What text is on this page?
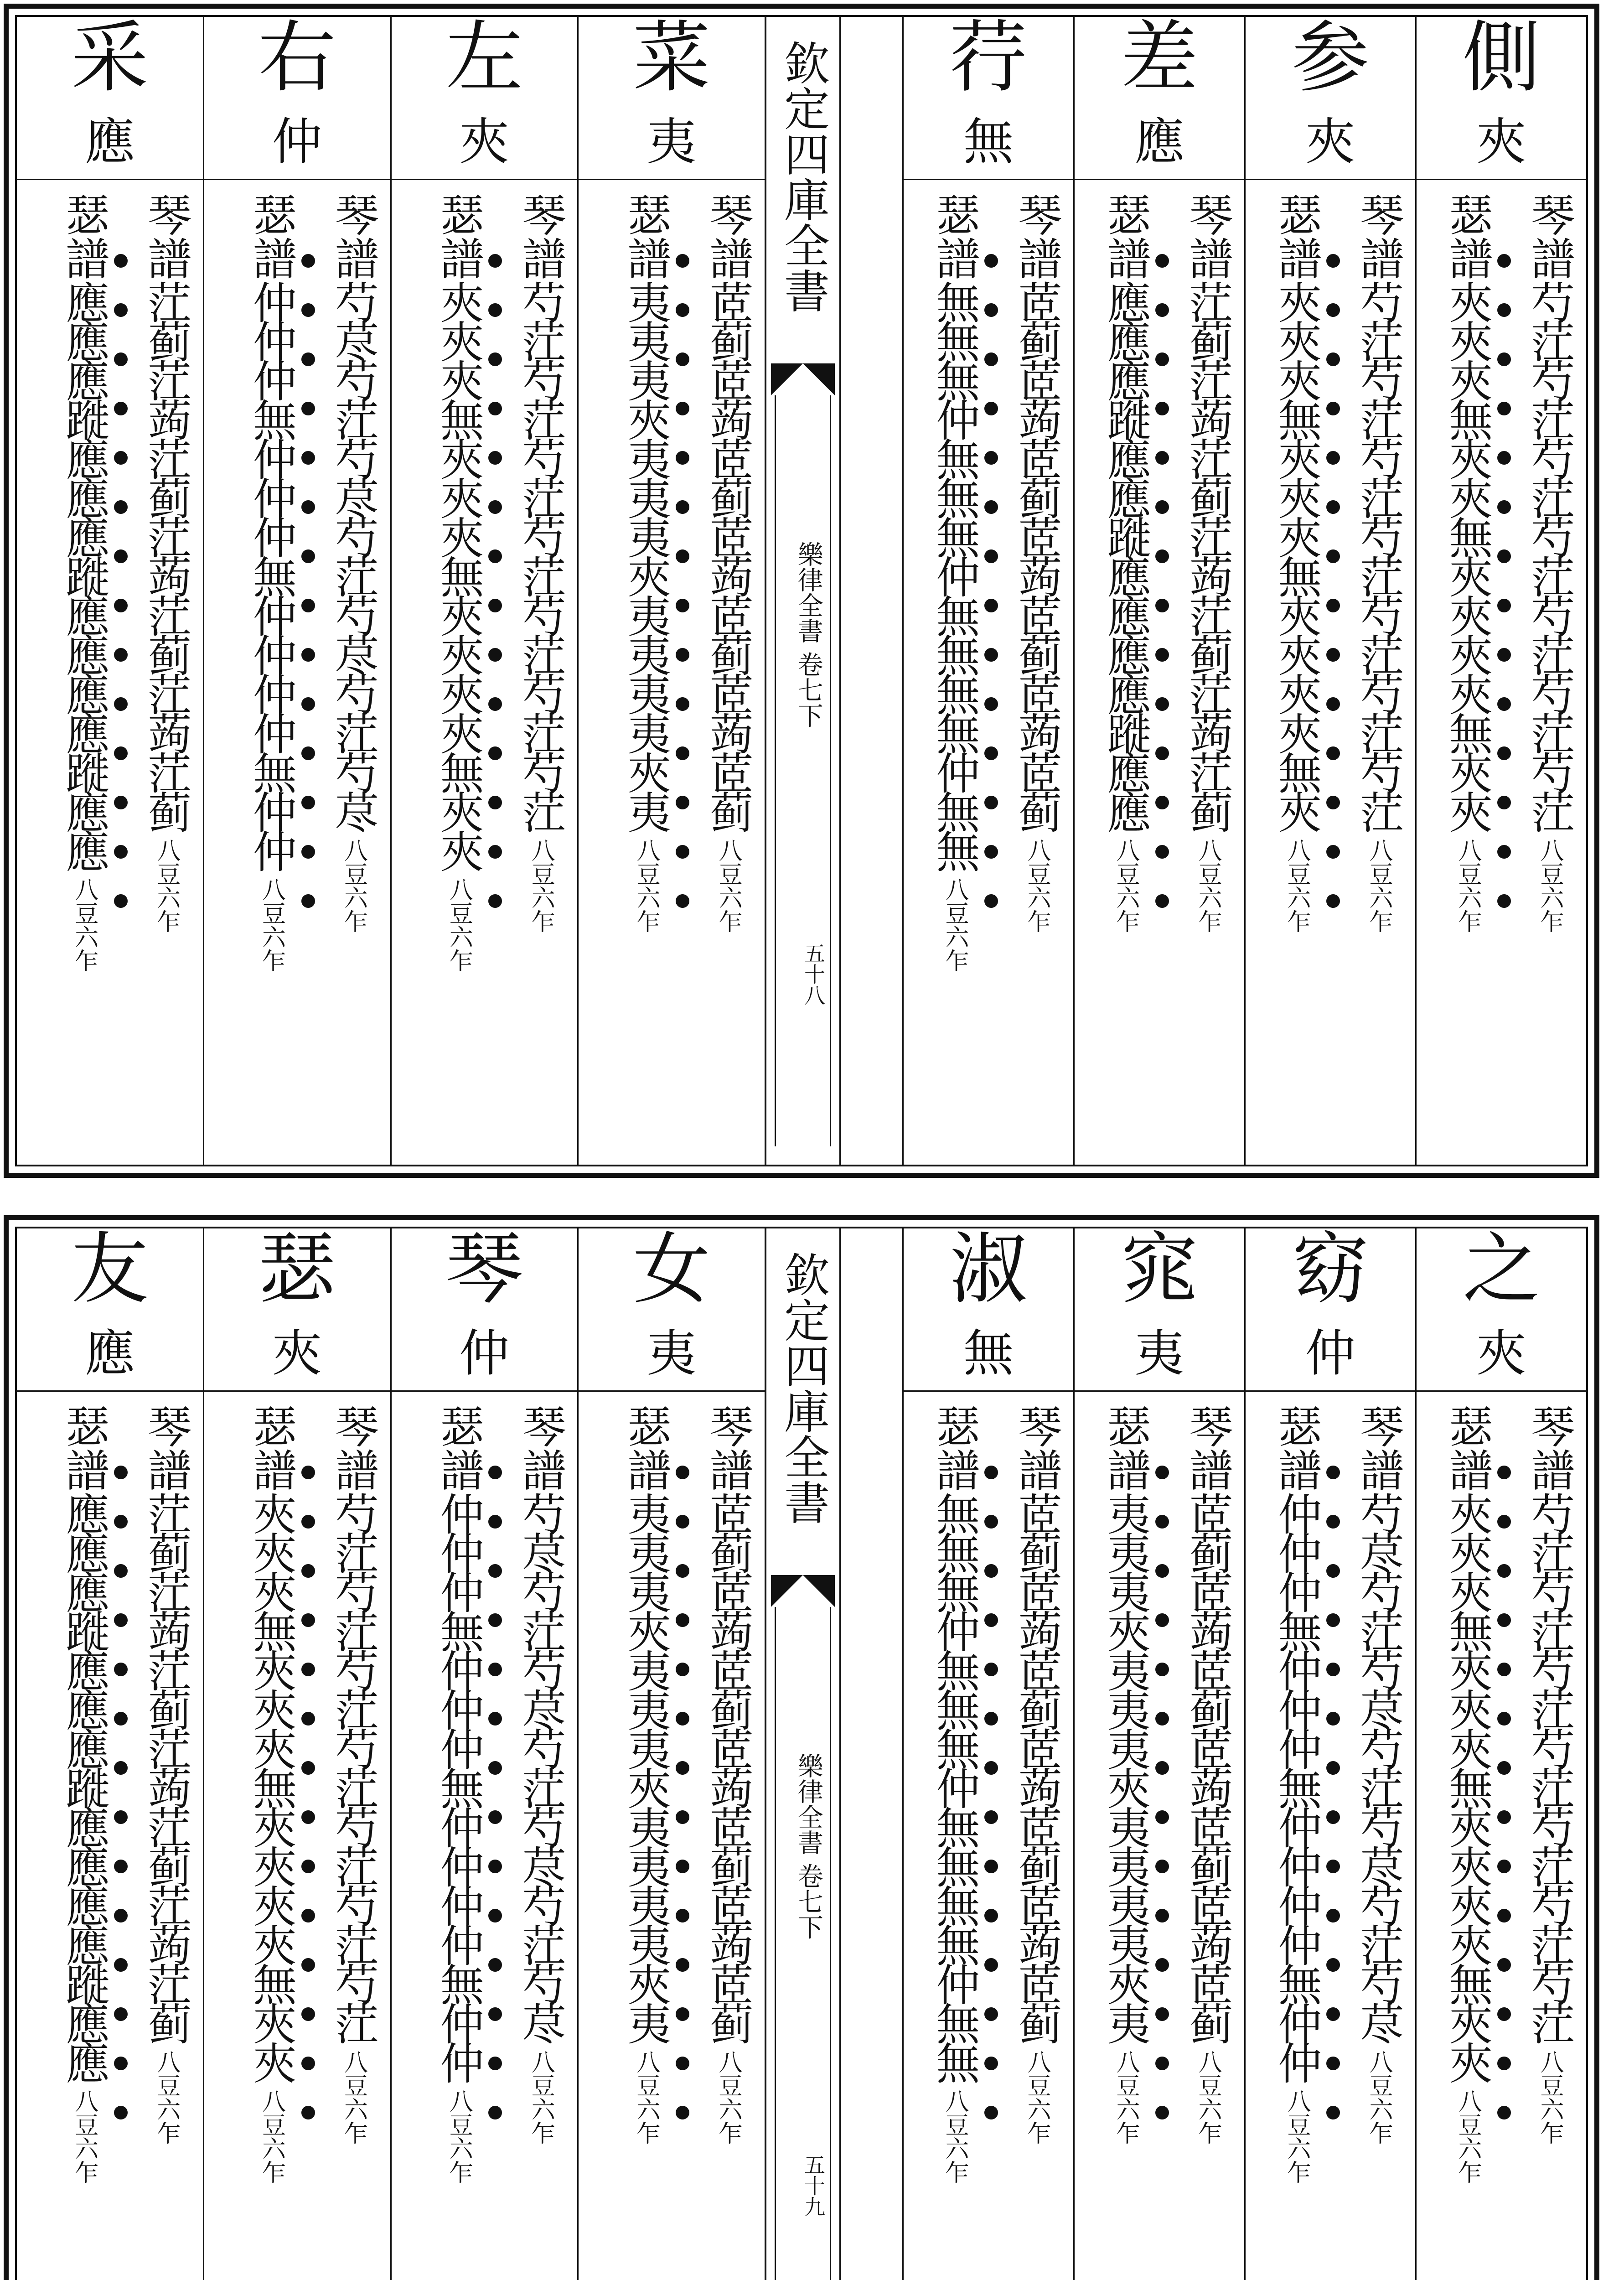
側
夾
琴譜芍茳芍茳芍茳芍茳芍茳芍茳芍茳八豆六乍
瑟譜夾夾夾無夾夾無夾夾夾夾無夾夾八豆六乍
参
夾
琴譜芍茳芍茳芍茳芍茳芍茳芍茳芍茳八豆六乍
瑟譜夾夾夾無夾夾夾無夾夾夾夾無夾八豆六乍
差
應
琴譜茳蓟茳蒟茳蓟茳蒟茳蓟茳蒟茳蓟八豆六乍
瑟譜應應應蹝應應蹝應應應應蹝應應八豆六乍
荇
無
琴譜茝蓟茝蒟茝蓟茝蒟茝蓟茝蒟茝蓟八豆六乍
瑟譜無無無仲無無無仲無無無無仲無無八豆六乍
欽定四庫全書
樂律全書 卷七下
五十八
菜
夷
琴譜茝蓟茝蒟茝蓟茝蒟茝蓟茝蒟茝蓟八豆六乍
瑟譜夷夷夷夾夷夷夷夾夷夷夷夷夾夷八豆六乍
左
夾
琴譜芍茳芍茳芍茳芍茳芍茳芍茳芍茳八豆六乍
瑟譜夾夾夾無夾夾夾無夾夾夾夾無夾夾八豆六乍
右
仲
琴譜芍荩芍茳芍荩芍茳芍荩芍茳芍荩八豆六乍
瑟譜仲仲仲無仲仲仲無仲仲仲仲無仲仲八豆六乍
采
應
琴譜茳蓟茳蒟茳蓟茳蒟茳蓟茳蒟茳蓟八豆六乍
瑟譜應應應蹝應應應蹝應應應應蹝應應八豆六乍
之
夾
琴譜芍茳芍茳芍茳芍茳芍茳芍茳芍茳八豆六乍
瑟譜夾夾夾無夾夾夾無夾夾夾夾無夾夾八豆六乍
窈
仲
琴譜芍荩芍茳芍荩芍茳芍荩芍茳芍荩八豆六乍
瑟譜仲仲仲無仲仲仲無仲仲仲仲無仲仲八豆六乍
窕
夷
琴譜茝蓟茝蒟茝蓟茝蒟茝蓟茝蒟茝蓟八豆六乍
瑟譜夷夷夷夾夷夷夷夾夷夷夷夷夾夷八豆六乍
淑
無
琴譜茝蓟茝蒟茝蓟茝蒟茝蓟茝蒟茝蓟八豆六乍
瑟譜無無無仲無無無仲無無無無仲無無八豆六乍
欽定四庫全書
樂律全書 卷七下
五十九
女
夷
琴譜茝蓟茝蒟茝蓟茝蒟茝蓟茝蒟茝蓟八豆六乍
瑟譜夷夷夷夾夷夷夷夾夷夷夷夷夾夷八豆六乍
琴
仲
琴譜芍荩芍茳芍荩芍茳芍荩芍茳芍荩八豆六乍
瑟譜仲仲仲無仲仲仲無仲仲仲仲無仲仲八豆六乍
瑟
夾
琴譜芍茳芍茳芍茳芍茳芍茳芍茳芍茳八豆六乍
瑟譜夾夾夾無夾夾夾無夾夾夾夾無夾夾八豆六乍
友
應
琴譜茳蓟茳蒟茳蓟茳蒟茳蓟茳蒟茳蓟八豆六乍
瑟譜應應應蹝應應應蹝應應應應蹝應應八豆六乍
